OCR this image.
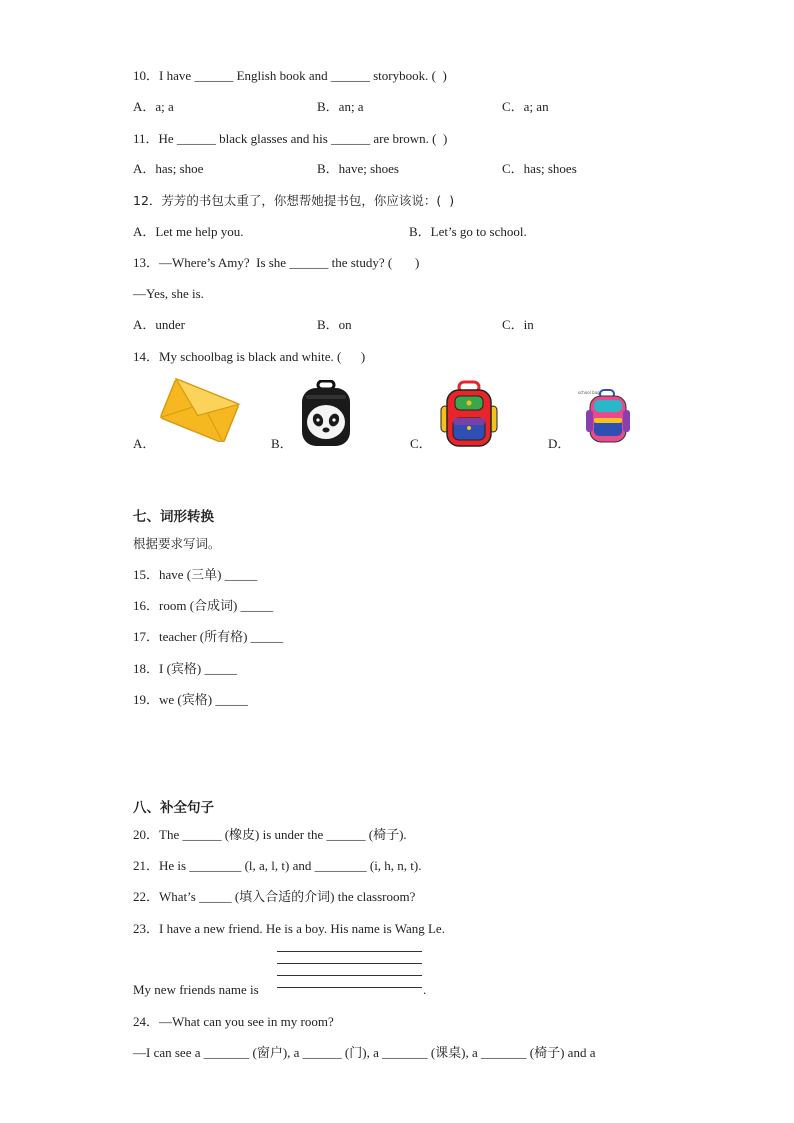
10．I have ______ English book and ______ storybook. (  )
A．a; a	B．an; a	C．a; an
11．He ______ black glasses and his ______ are brown. (  )
A．has; shoe	B．have; shoes	C．has; shoes
12．芳芳的书包太重了，你想帮她提书包，你应该说：(  )
A．Let me help you.	B．Let’s go to school.
13．—Where’s Amy?  Is she ______ the study? (       )
—Yes, she is.
A．under	B．on	C．in
14．My schoolbag is black and white. (      )
A．	B．	C．	D．
school bag
七、词形转换
根据要求写词。
15．have (三单) _____
16．room (合成词) _____
17．teacher (所有格) _____
18．I (宾格) _____
19．we (宾格) _____
八、补全句子
20．The ______ (橡皮) is under the ______ (椅子).
21．He is ________ (l, a, l, t) and ________ (i, h, n, t).
22．What’s _____ (填入合适的介词) the classroom?
23．I have a new friend. He is a boy. His name is Wang Le.
My new friends name is	.
24．—What can you see in my room?
—I can see a _______ (窗户), a ______ (门), a _______ (课桌), a _______ (椅子) and a
